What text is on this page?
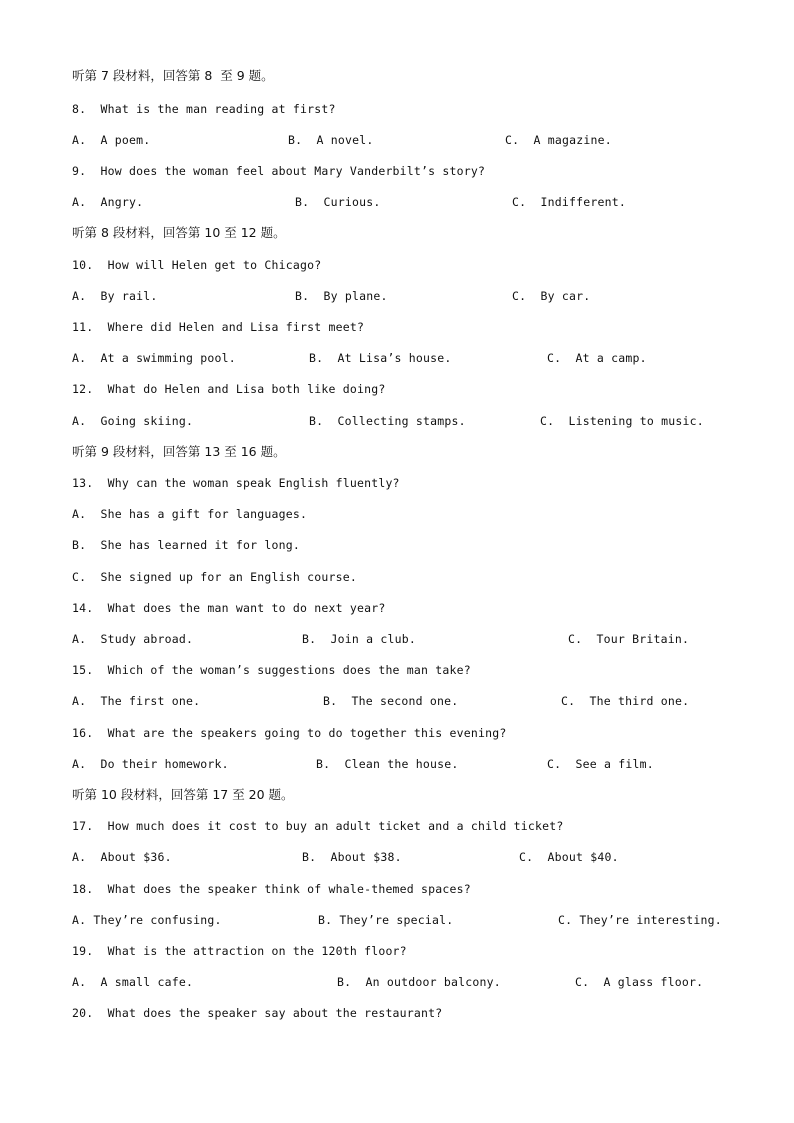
听第 7 段材料，回答第 8  至 9 题。
8.  What is the man reading at first?

A.  A poem.

	B.  A novel.

	C.  A magazine.

9.  How does the woman feel about Mary Vanderbilt’s story?

A.  Angry.

	B.  Curious.

	C.  Indifferent.

听第 8 段材料，回答第 10 至 12 题。
10.  How will Helen get to Chicago?

A.  By rail.

	B.  By plane.

	C.  By car.

11.  Where did Helen and Lisa first meet?

A.  At a swimming pool.

	B.  At Lisa’s house.

	C.  At a camp.

12.  What do Helen and Lisa both like doing?

A.  Going skiing.

	B.  Collecting stamps.

	C.  Listening to music.

听第 9 段材料，回答第 13 至 16 题。
13.  Why can the woman speak English fluently?
A.  She has a gift for languages.
B.  She has learned it for long.
C.  She signed up for an English course.
14.  What does the man want to do next year?

A.  Study abroad.

	B.  Join a club.

	C.  Tour Britain.

15.  Which of the woman’s suggestions does the man take?

A.  The first one.

	B.  The second one.

	C.  The third one.

16.  What are the speakers going to do together this evening?

A.  Do their homework.

	B.  Clean the house.

	C.  See a film.

听第 10 段材料，回答第 17 至 20 题。
17.  How much does it cost to buy an adult ticket and a child ticket?

A.  About $36.

	B.  About $38.

	C.  About $40.

18.  What does the speaker think of whale-themed spaces?

A. They’re confusing.

	B. They’re special.

	C. They’re interesting.

19.  What is the attraction on the 120th floor?

A.  A small cafe.

	B.  An outdoor balcony.

	C.  A glass floor.

20.  What does the speaker say about the restaurant?
